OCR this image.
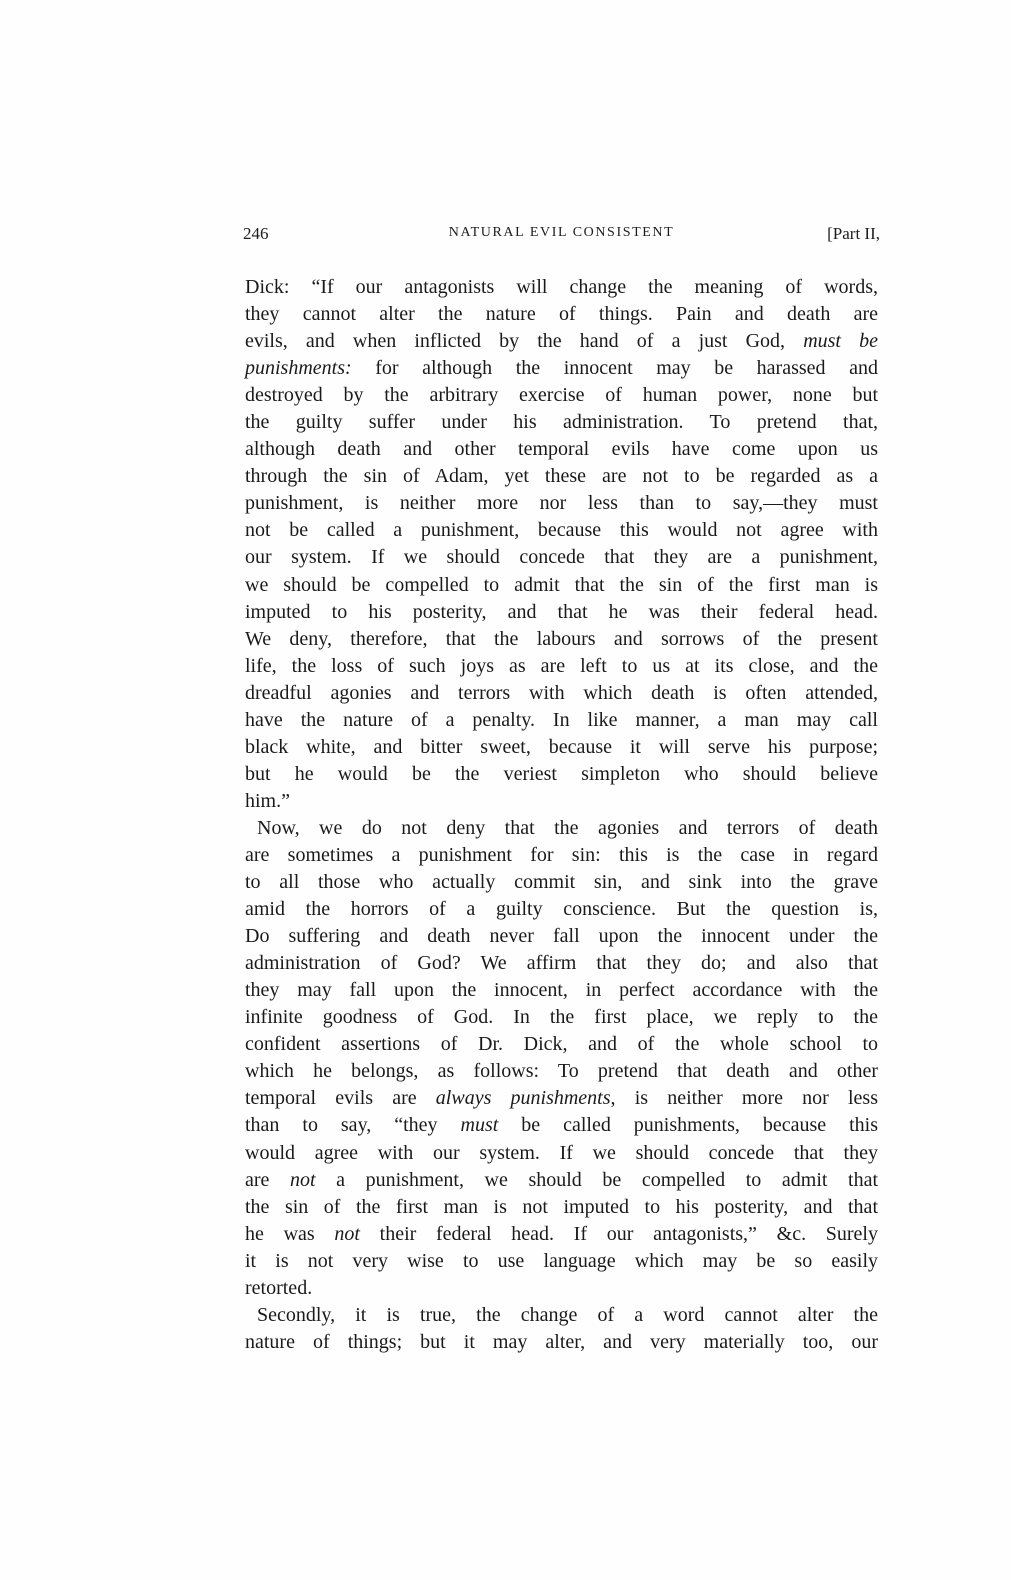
246	NATURAL EVIL CONSISTENT	[Part II,
Dick: “If our antagonists will change the meaning of words,
they cannot alter the nature of things. Pain and death are
evils, and when inflicted by the hand of a just God, must be
punishments: for although the innocent may be harassed and
destroyed by the arbitrary exercise of human power, none but
the guilty suffer under his administration. To pretend that,
although death and other temporal evils have come upon us
through the sin of Adam, yet these are not to be regarded as a
punishment, is neither more nor less than to say,—they must
not be called a punishment, because this would not agree with
our system. If we should concede that they are a punishment,
we should be compelled to admit that the sin of the first man is
imputed to his posterity, and that he was their federal head.
We deny, therefore, that the labours and sorrows of the present
life, the loss of such joys as are left to us at its close, and the
dreadful agonies and terrors with which death is often attended,
have the nature of a penalty. In like manner, a man may call
black white, and bitter sweet, because it will serve his purpose;
but he would be the veriest simpleton who should believe
him.”
Now, we do not deny that the agonies and terrors of death
are sometimes a punishment for sin: this is the case in regard
to all those who actually commit sin, and sink into the grave
amid the horrors of a guilty conscience. But the question is,
Do suffering and death never fall upon the innocent under the
administration of God? We affirm that they do; and also that
they may fall upon the innocent, in perfect accordance with the
infinite goodness of God. In the first place, we reply to the
confident assertions of Dr. Dick, and of the whole school to
which he belongs, as follows: To pretend that death and other
temporal evils are always punishments, is neither more nor less
than to say, “they must be called punishments, because this
would agree with our system. If we should concede that they
are not a punishment, we should be compelled to admit that
the sin of the first man is not imputed to his posterity, and that
he was not their federal head. If our antagonists,” &c. Surely
it is not very wise to use language which may be so easily
retorted.
Secondly, it is true, the change of a word cannot alter the
nature of things; but it may alter, and very materially too, our
